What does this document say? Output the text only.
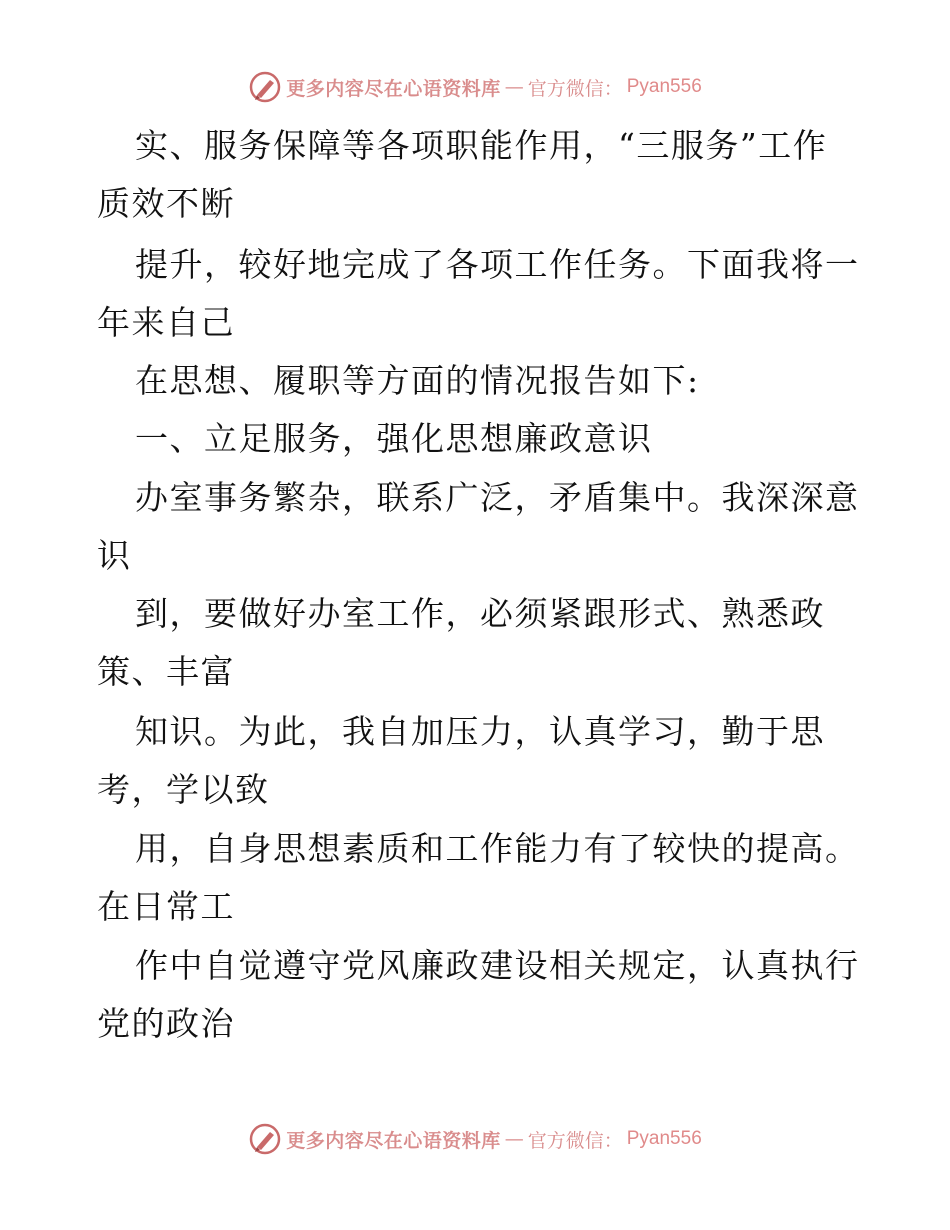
更多内容尽在心语资料库 — 官方微信： Pyan556
实、服务保障等各项职能作用，“三服务”工作
质效不断
提升，较好地完成了各项工作任务。下面我将一
年来自己
在思想、履职等方面的情况报告如下:
一、立足服务，强化思想廉政意识
办室事务繁杂，联系广泛，矛盾集中。我深深意
识
到，要做好办室工作，必须紧跟形式、熟悉政
策、丰富
知识。为此，我自加压力，认真学习，勤于思
考，学以致
用，自身思想素质和工作能力有了较快的提高。
在日常工
作中自觉遵守党风廉政建设相关规定，认真执行
党的政治
更多内容尽在心语资料库 — 官方微信： Pyan556
